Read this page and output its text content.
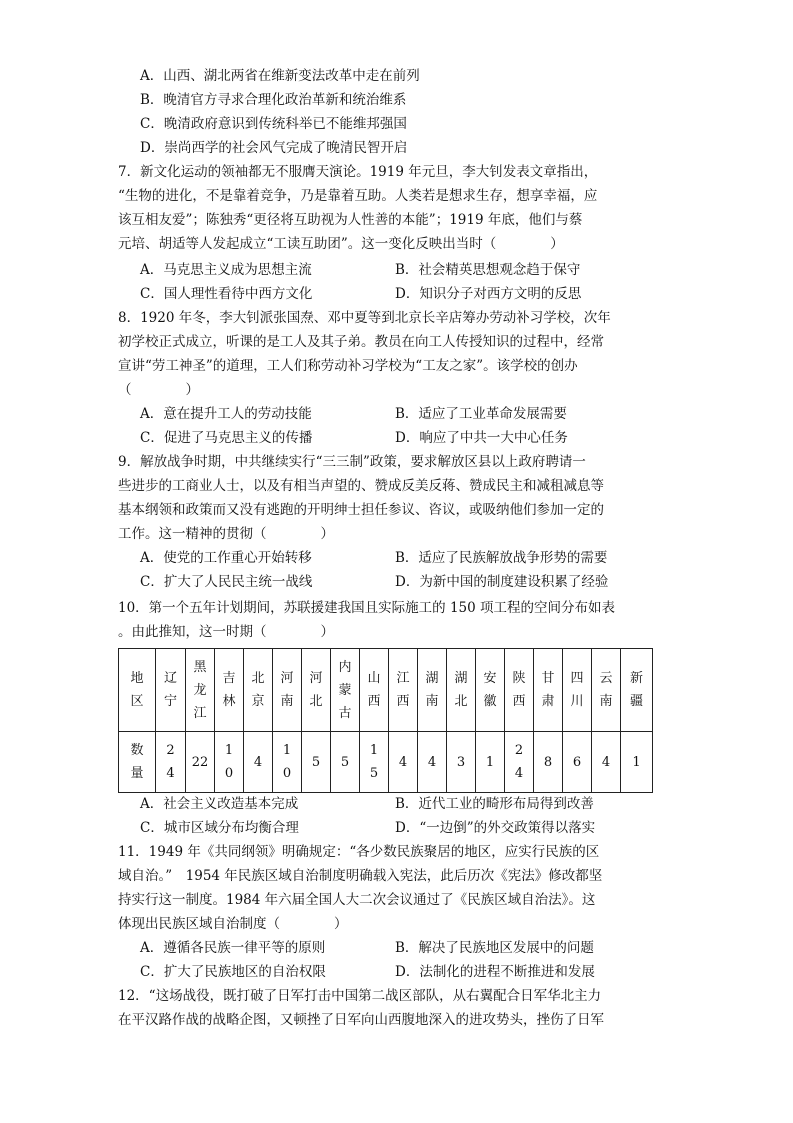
A．山西、湖北两省在维新变法改革中走在前列
B．晚清官方寻求合理化政治革新和统治维系
C．晚清政府意识到传统科举已不能维邦强国
D．崇尚西学的社会风气完成了晚清民智开启
7．新文化运动的领袖都无不服膺天演论。1919 年元旦，李大钊发表文章指出，
“生物的进化，不是靠着竞争，乃是靠着互助。人类若是想求生存，想享幸福，应
该互相友爱”；陈独秀“更径将互助视为人性善的本能”；1919 年底，他们与蔡
元培、胡适等人发起成立“工读互助团”。这一变化反映出当时（　　　　）
A．马克思主义成为思想主流	B．社会精英思想观念趋于保守
C．国人理性看待中西方文化	D．知识分子对西方文明的反思
8．1920 年冬，李大钊派张国焘、邓中夏等到北京长辛店筹办劳动补习学校，次年
初学校正式成立，听课的是工人及其子弟。教员在向工人传授知识的过程中，经常
宣讲“劳工神圣”的道理，工人们称劳动补习学校为“工友之家”。该学校的创办
（　　　　）
A．意在提升工人的劳动技能	B．适应了工业革命发展需要
C．促进了马克思主义的传播	D．响应了中共一大中心任务
9．解放战争时期，中共继续实行“三三制”政策，要求解放区县以上政府聘请一
些进步的工商业人士，以及有相当声望的、赞成反美反蒋、赞成民主和减租减息等
基本纲领和政策而又没有逃跑的开明绅士担任参议、咨议，或吸纳他们参加一定的
工作。这一精神的贯彻（　　　　）
A．使党的工作重心开始转移	B．适应了民族解放战争形势的需要
C．扩大了人民民主统一战线	D．为新中国的制度建设积累了经验
10．第一个五年计划期间，苏联援建我国且实际施工的 150 项工程的空间分布如表
。由此推知，这一时期（　　　　）
地区	辽宁	黑龙江	吉林	北京	河南	河北	内蒙古	山西	江西	湖南	湖北	安徽	陕西	甘肃	四川	云南	新疆
数量	24	22	10	4	10	5	5	15	4	4	3	1	24	8	6	4	1
A．社会主义改造基本完成	B．近代工业的畸形布局得到改善
C．城市区域分布均衡合理	D．“一边倒”的外交政策得以落实
11．1949 年《共同纲领》明确规定：“各少数民族聚居的地区，应实行民族的区
域自治。”　1954 年民族区域自治制度明确载入宪法，此后历次《宪法》修改都坚
持实行这一制度。1984 年六届全国人大二次会议通过了《民族区域自治法》。这
体现出民族区域自治制度（　　　　）
A．遵循各民族一律平等的原则	B．解决了民族地区发展中的问题
C．扩大了民族地区的自治权限	D．法制化的进程不断推进和发展
12．“这场战役，既打破了日军打击中国第二战区部队，从右翼配合日军华北主力
在平汉路作战的战略企图，又顿挫了日军向山西腹地深入的进攻势头，挫伤了日军
